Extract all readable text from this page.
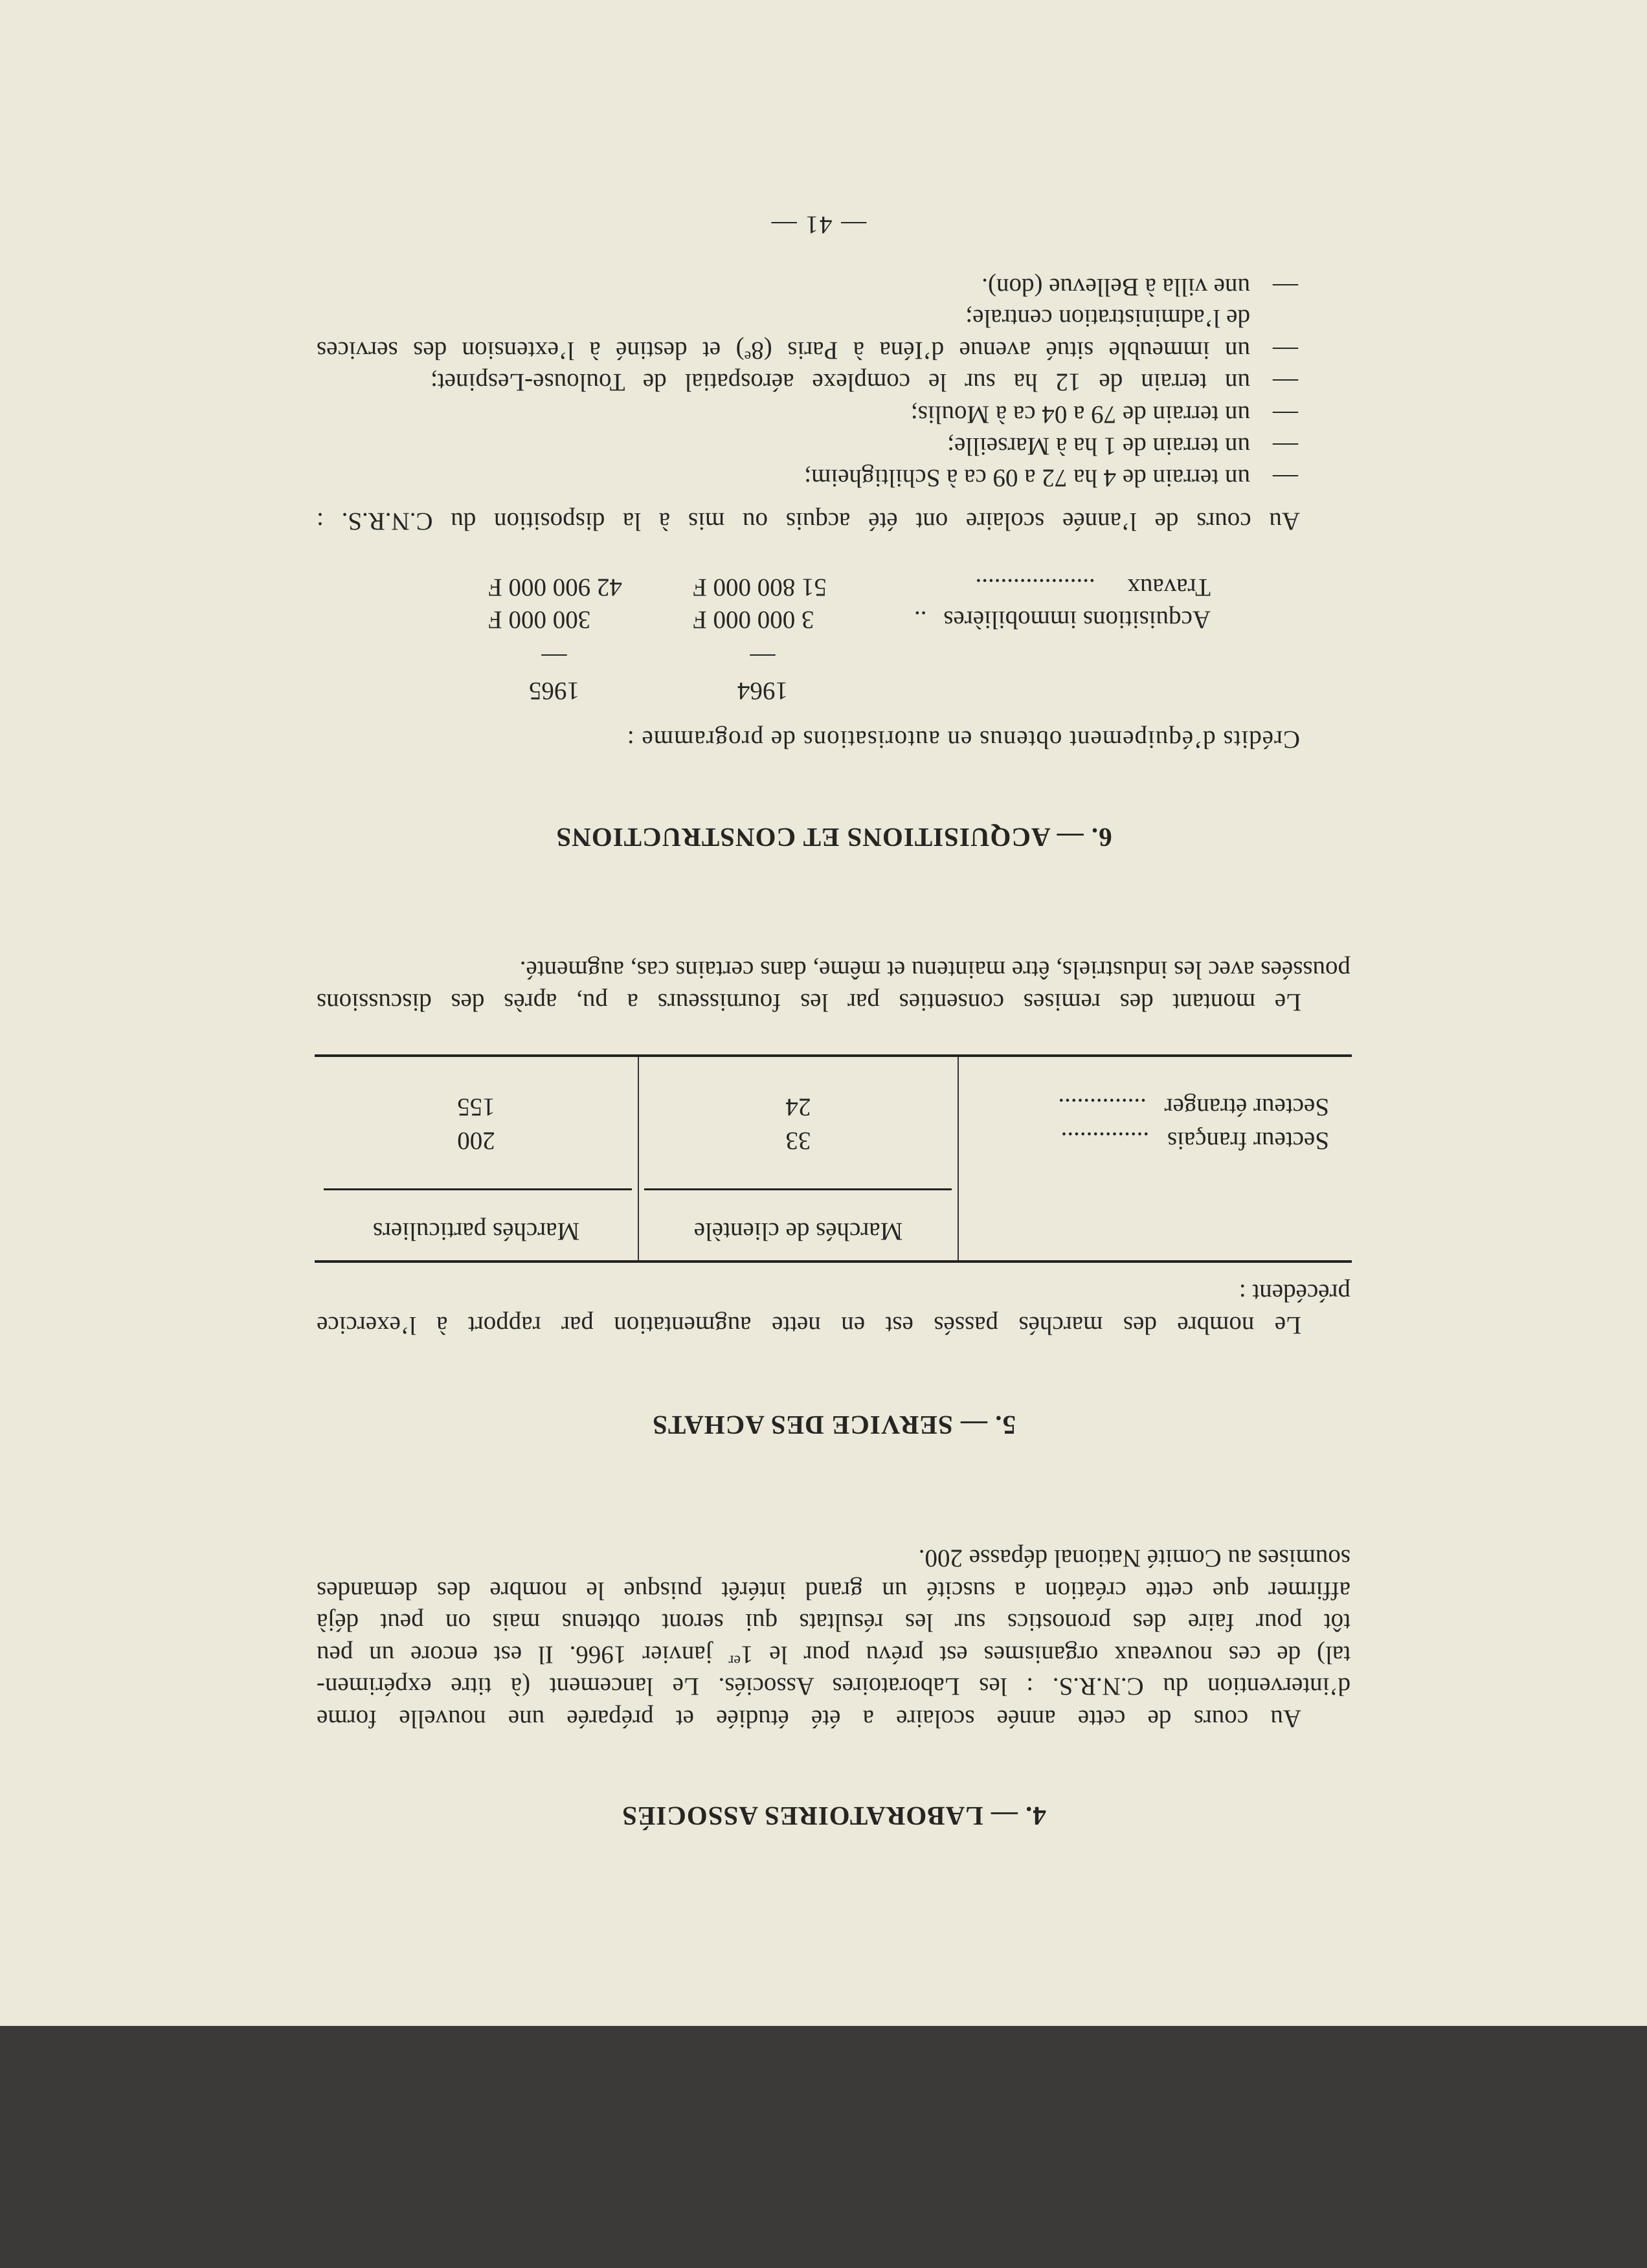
4. — LABORATOIRES ASSOCIÉS
Au cours de cette année scolaire a été étudiée et préparée une nouvelle forme
d’intervention du C.N.R.S. : les Laboratoires Associés. Le lancement (à titre expérimen-
tal) de ces nouveaux organismes est prévu pour le 1er janvier 1966. Il est encore un peu
tôt pour faire des pronostics sur les résultats qui seront obtenus mais on peut déjà
affirmer que cette création a suscité un grand intérêt puisque le nombre des demandes
soumises au Comité National dépasse 200.
5. — SERVICE DES ACHATS
Le nombre des marchés passés est en nette augmentation par rapport à l’exercice
précédent :
Marchés de clientèle
Marchés particuliers
Secteur français ..............
33
200
Secteur étranger ..............
24
155
Le montant des remises consenties par les fournisseurs a pu, après des discussions
poussées avec les industriels, être maintenu et même, dans certains cas, augmenté.
6. — ACQUISITIONS ET CONSTRUCTIONS
Crédits d’équipement obtenus en autorisations de programme :
1964
1965
—
—
Acquisitions immobilières ..
3 000 000 F
300 000 F
Travaux ...................
51 800 000 F
42 900 000 F
Au cours de l’année scolaire ont été acquis ou mis à la disposition du C.N.R.S. :
—
un terrain de 4 ha 72 a 09 ca à Schiltigheim;
—
un terrain de 1 ha à Marseille;
—
un terrain de 79 a 04 ca à Moulis;
—
un terrain de 12 ha sur le complexe aérospatial de Toulouse-Lespinet;
—
un immeuble situé avenue d’Iéna à Paris (8e) et destiné à l’extension des services
de l’administration centrale;
—
une villa à Bellevue (don).
— 41 —
